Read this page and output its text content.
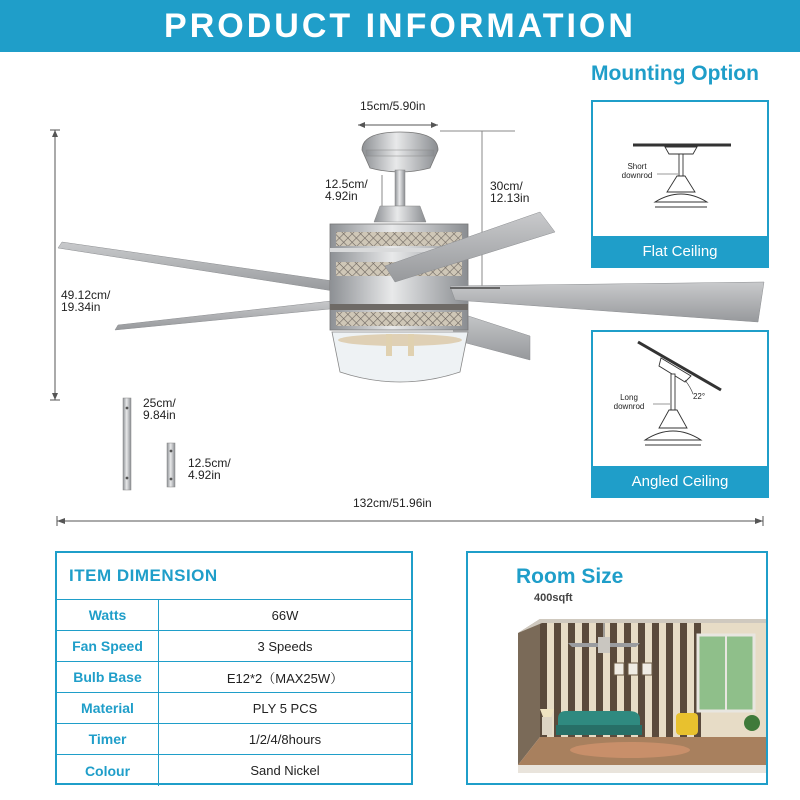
PRODUCT INFORMATION
15cm/5.90in
12.5cm/
4.92in
30cm/
12.13in
49.12cm/
19.34in
25cm/
9.84in
12.5cm/
4.92in
132cm/51.96in
Mounting Option
Short
downrod
Flat Ceiling
Long
downrod
22°
Angled Ceiling
ITEM DIMENSION
Watts	66W
Fan Speed	3 Speeds
Bulb Base	E12*2（MAX25W）
Material	PLY 5 PCS
Timer	1/2/4/8hours
Colour	Sand Nickel
Room Size
400sqft
